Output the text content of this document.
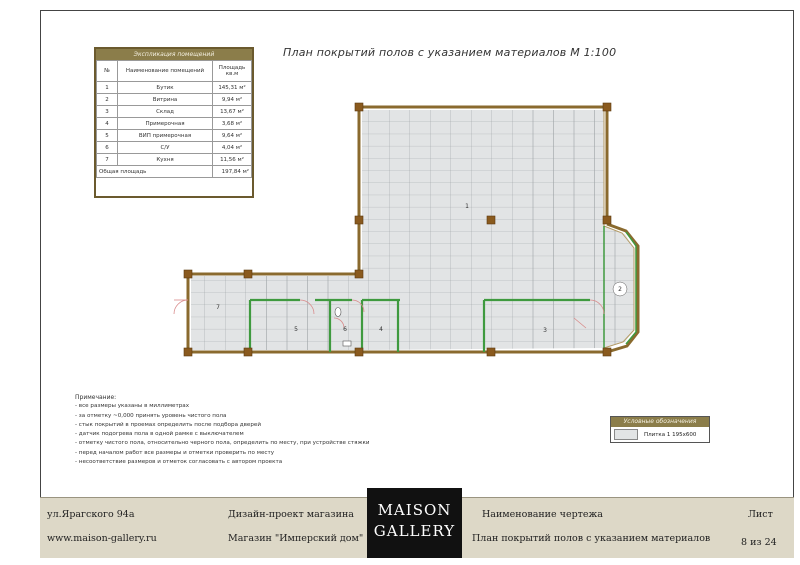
План покрытий полов с указанием материалов М 1:100
Экспликация помещений
№	Наименование помещений	Площадь кв.м
1	Бутик	145,31 м²
2	Витрина	9,94 м²
3	Склад	13,67 м²
4	Примерочная	3,68 м²
5	ВИП примерочная	9,64 м²
6	С/У	4,04 м²
7	Кухня	11,56 м²
Общая площадь		197,84 м²
1
2
3
4
5	6
7
Примечание:
- все размеры указаны в миллиметрах
- за отметку ~0,000 принять уровень чистого пола
- стык покрытий в проемах определить после подбора дверей
- датчик подогрева пола в одной рамке с выключателем
- отметку чистого пола, относительно черного пола, определить по месту, при устройстве стяжки
- перед началом работ все размеры и отметки проверить по месту
- несоответствие размеров и отметок согласовать с автором проекта
Условные обозначения
Плитка 1 195х600
ул.Ярагского 94а
www.maison-gallery.ru
Дизайн-проект магазина
Магазин "Имперский дом"
Наименование чертежа
План покрытий полов с указанием материалов
Лист
8 из 24
MAISON
GALLERY
